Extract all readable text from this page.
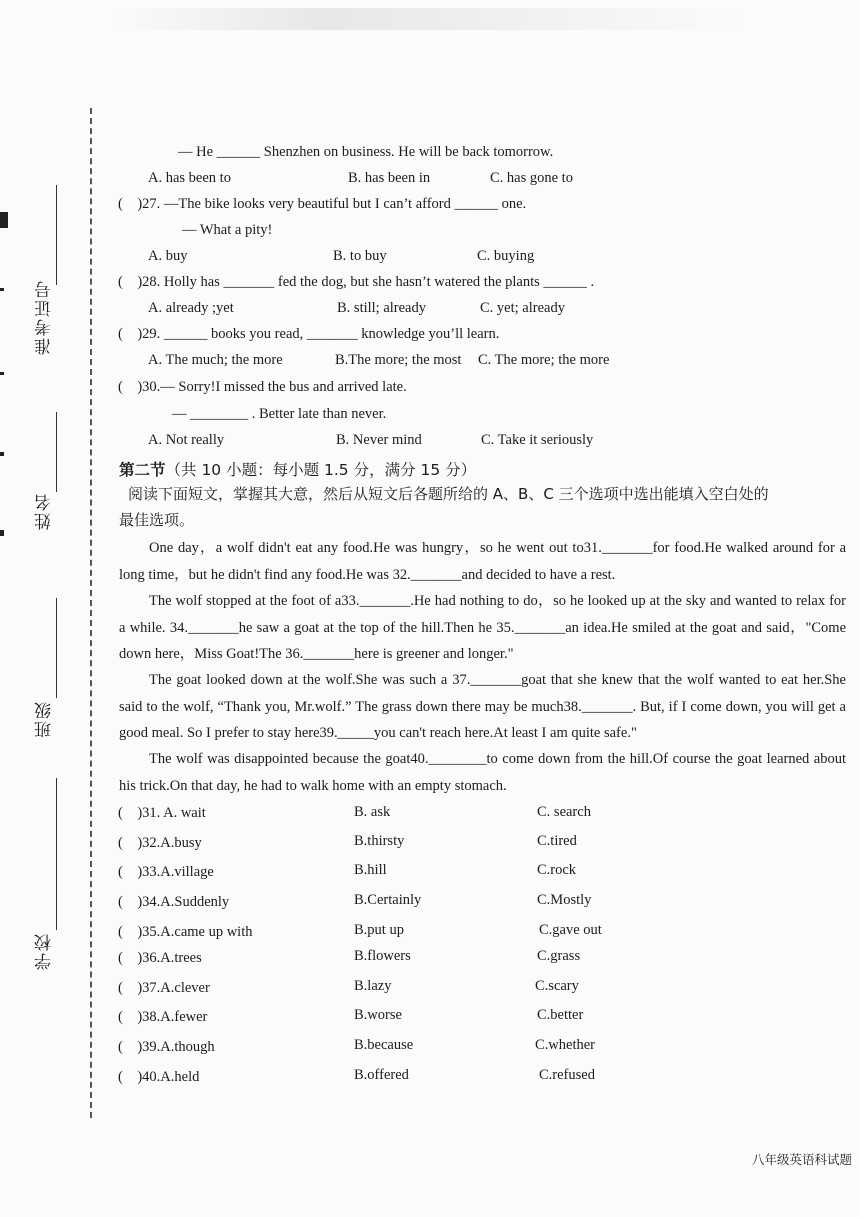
准考证号
姓名
班级
学校
— He ______ Shenzhen on business. He will be back tomorrow.
A. has been to	B. has been in	C. has gone to
(    )27. —The bike looks very beautiful but I can’t afford ______ one.
— What a pity!
A. buy	B. to buy	C. buying
(    )28. Holly has _______ fed the dog, but she hasn’t watered the plants ______ .
A. already ;yet	B. still; already	C. yet; already
(    )29. ______ books you read, _______ knowledge you’ll learn.
A. The much; the more	B.The more; the most C. The more; the more
(    )30.— Sorry!I missed the bus and arrived late.
— ________ . Better late than never.
A. Not really	B. Never mind	C. Take it seriously
第二节（共 10 小题：每小题 1.5 分，满分 15 分）
阅读下面短文，掌握其大意，然后从短文后各题所给的 A、B、C 三个选项中选出能填入空白处的
最佳选项。
One day，a wolf didn't eat any food.He was hungry，so he went out to31._______for food.He walked around for a long time，but he didn't find any food.He was 32._______and decided to have a rest.
The wolf stopped at the foot of a33._______.He had nothing to do，so he looked up at the sky and wanted to relax for a while. 34._______he saw a goat at the top of the hill.Then he 35._______an idea.He smiled at the goat and said，"Come down here，Miss Goat!The 36._______here is greener and longer."
The goat looked down at the wolf.She was such a 37._______goat that she knew that the wolf wanted to eat her.She said to the wolf, “Thank you, Mr.wolf.” The grass down there may be much38._______. But, if I come down, you will get a good meal. So I prefer to stay here39._____you can't reach here.At least I am quite safe."
The wolf was disappointed because the goat40.________to come down from the hill.Of course the goat learned about his trick.On that day, he had to walk home with an empty stomach.
(    )31. A. wait	B. ask	C. search
(    )32.A.busy	B.thirsty	C.tired
(    )33.A.village	B.hill	C.rock
(    )34.A.Suddenly	B.Certainly	C.Mostly
(    )35.A.came up with	B.put up	C.gave out
(    )36.A.trees	B.flowers	C.grass
(    )37.A.clever	B.lazy	C.scary
(    )38.A.fewer	B.worse	C.better
(    )39.A.though	B.because	C.whether
(    )40.A.held	B.offered	C.refused
八年级英语科试题
